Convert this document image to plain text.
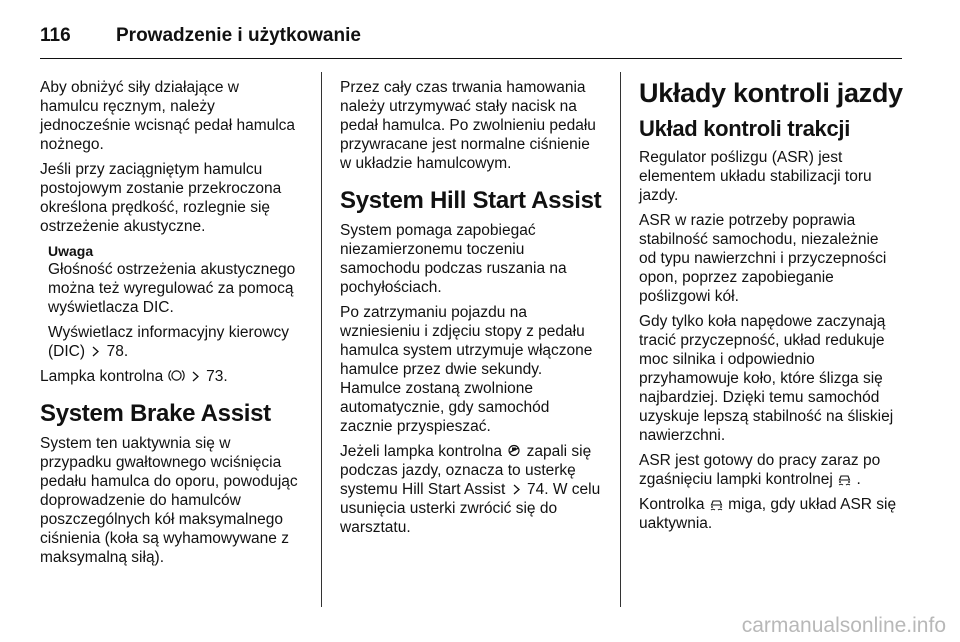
116	Prowadzenie i użytkowanie

Aby obniżyć siły działające w
hamulcu ręcznym, należy
jednocześnie wcisnąć pedał hamulca
nożnego.

Jeśli przy zaciągniętym hamulcu
postojowym zostanie przekroczona
określona prędkość, rozlegnie się
ostrzeżenie akustyczne.

Uwaga

Głośność ostrzeżenia akustycznego
można też wyregulować za pomocą
wyświetlacza DIC.

Wyświetlacz informacyjny kierowcy
(DIC) 78.

Lampka kontrolna	73.

System Brake Assist

System ten uaktywnia się w
przypadku gwałtownego wciśnięcia
pedału hamulca do oporu, powodując
doprowadzenie do hamulców
poszczególnych kół maksymalnego
ciśnienia (koła są wyhamowywane z
maksymalną siłą).

Przez cały czas trwania hamowania
należy utrzymywać stały nacisk na
pedał hamulca. Po zwolnieniu pedału
przywracane jest normalne ciśnienie
w układzie hamulcowym.

System Hill Start Assist

System pomaga zapobiegać
niezamierzonemu toczeniu
samochodu podczas ruszania na
pochyłościach.

Po zatrzymaniu pojazdu na
wzniesieniu i zdjęciu stopy z pedału
hamulca system utrzymuje włączone
hamulce przez dwie sekundy.
Hamulce zostaną zwolnione
automatycznie, gdy samochód
zacznie przyspieszać.

Jeżeli lampka kontrolna zapali się
podczas jazdy, oznacza to usterkę
systemu Hill Start Assist 74. W celu
usunięcia usterki zwrócić się do
warsztatu.

Układy kontroli jazdy
Układ kontroli trakcji

Regulator poślizgu (ASR) jest
elementem układu stabilizacji toru
jazdy.

ASR w razie potrzeby poprawia
stabilność samochodu, niezależnie
od typu nawierzchni i przyczepności
opon, poprzez zapobieganie
poślizgowi kół.

Gdy tylko koła napędowe zaczynają
tracić przyczepność, układ redukuje
moc silnika i odpowiednio
przyhamowuje koło, które ślizga się
najbardziej. Dzięki temu samochód
uzyskuje lepszą stabilność na śliskiej
nawierzchni.

ASR jest gotowy do pracy zaraz po
zgaśnięciu lampki kontrolnej .

Kontrolka miga, gdy układ ASR się
uaktywnia.

carmanualsonline.info
